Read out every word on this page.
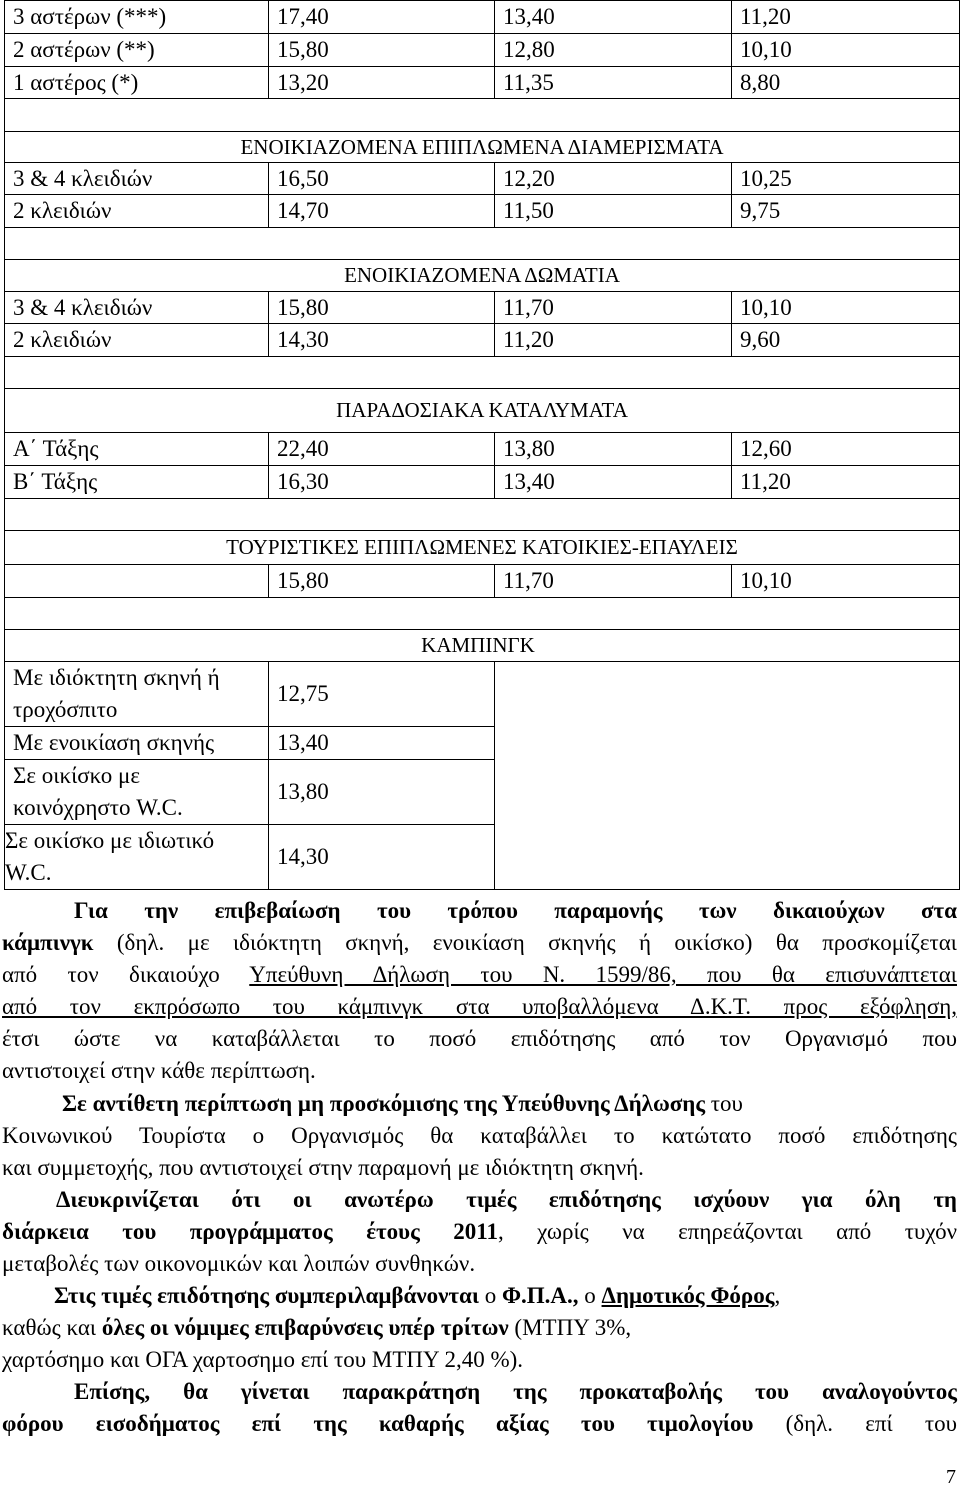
3 αστέρων (***)	17,40	13,40	11,20
2 αστέρων (**)	15,80	12,80	10,10
1 αστέρος (*)	13,20	11,35	8,80

ΕΝΟΙΚΙΑΖΟΜΕΝΑ ΕΠΙΠΛΩΜΕΝΑ ΔΙΑΜΕΡΙΣΜΑΤΑ			
3 & 4 κλειδιών	16,50	12,20	10,25
2 κλειδιών	14,70	11,50	9,75

ΕΝΟΙΚΙΑΖΟΜΕΝΑ ΔΩΜΑΤΙΑ			
3 & 4 κλειδιών	15,80	11,70	10,10
2 κλειδιών	14,30	11,20	9,60

ΠΑΡΑΔΟΣΙΑΚΑ ΚΑΤΑΛΥΜΑΤΑ			
Α΄ Τάξης	22,40	13,80	12,60
Β΄ Τάξης	16,30	13,40	11,20

ΤΟΥΡΙΣΤΙΚΕΣ ΕΠΙΠΛΩΜΕΝΕΣ ΚΑΤΟΙΚΙΕΣ-ΕΠΑΥΛΕΙΣ			
	15,80	11,70	10,10

ΚΑΜΠΙΝΓΚ			
Με ιδιόκτητη σκηνή ή τροχόσπιτο	12,75		
Με ενοικίαση σκηνής	13,40		
Σε οικίσκο με κοινόχρηστο W.C.	13,80		
Σε οικίσκο με ιδιωτικό W.C.	14,30		
Για την επιβεβαίωση του τρόπου παραμονής των δικαιούχων στα
κάμπινγκ (δηλ. με ιδιόκτητη σκηνή, ενοικίαση σκηνής ή οικίσκο) θα προσκομίζεται
από τον δικαιούχο Υπεύθυνη Δήλωση του Ν. 1599/86, που θα επισυνάπτεται
από τον εκπρόσωπο του κάμπινγκ στα υποβαλλόμενα Δ.Κ.Τ. προς εξόφληση,
έτσι ώστε να καταβάλλεται το ποσό επιδότησης από τον Οργανισμό που
αντιστοιχεί στην κάθε περίπτωση.
Σε αντίθετη περίπτωση μη προσκόμισης της Υπεύθυνης Δήλωσης του
Κοινωνικού Τουρίστα ο Οργανισμός θα καταβάλλει το κατώτατο ποσό επιδότησης
και συμμετοχής, που αντιστοιχεί στην παραμονή με ιδιόκτητη σκηνή.
Διευκρινίζεται ότι οι ανωτέρω τιμές επιδότησης ισχύουν για όλη τη
διάρκεια του προγράμματος έτους 2011, χωρίς να επηρεάζονται από τυχόν
μεταβολές των οικονομικών και λοιπών συνθηκών.
Στις τιμές επιδότησης συμπεριλαμβάνονται ο Φ.Π.Α., ο Δημοτικός Φόρος,
καθώς και όλες οι νόμιμες επιβαρύνσεις υπέρ τρίτων (ΜΤΠΥ 3%,
χαρτόσημο και ΟΓΑ χαρτοσημο επί του ΜΤΠΥ 2,40 %).
Επίσης, θα γίνεται παρακράτηση της προκαταβολής του αναλογούντος
φόρου εισοδήματος επί της καθαρής αξίας του τιμολογίου (δηλ. επί του
7
